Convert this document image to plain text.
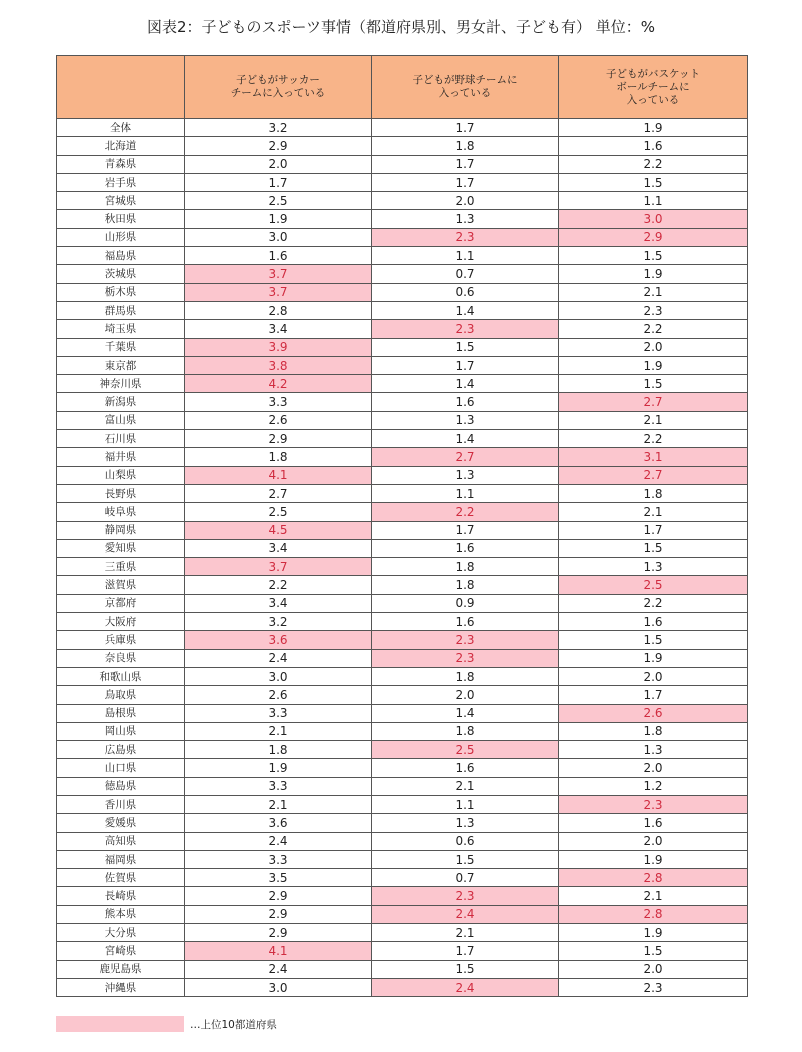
図表2：子どものスポーツ事情（都道府県別、男女計、子ども有） 単位：%
	子どもがサッカー
チームに入っている	子どもが野球チームに
入っている	子どもがバスケット
ボールチームに
入っている
全体	3.2	1.7	1.9
北海道	2.9	1.8	1.6
青森県	2.0	1.7	2.2
岩手県	1.7	1.7	1.5
宮城県	2.5	2.0	1.1
秋田県	1.9	1.3	3.0
山形県	3.0	2.3	2.9
福島県	1.6	1.1	1.5
茨城県	3.7	0.7	1.9
栃木県	3.7	0.6	2.1
群馬県	2.8	1.4	2.3
埼玉県	3.4	2.3	2.2
千葉県	3.9	1.5	2.0
東京都	3.8	1.7	1.9
神奈川県	4.2	1.4	1.5
新潟県	3.3	1.6	2.7
富山県	2.6	1.3	2.1
石川県	2.9	1.4	2.2
福井県	1.8	2.7	3.1
山梨県	4.1	1.3	2.7
長野県	2.7	1.1	1.8
岐阜県	2.5	2.2	2.1
静岡県	4.5	1.7	1.7
愛知県	3.4	1.6	1.5
三重県	3.7	1.8	1.3
滋賀県	2.2	1.8	2.5
京都府	3.4	0.9	2.2
大阪府	3.2	1.6	1.6
兵庫県	3.6	2.3	1.5
奈良県	2.4	2.3	1.9
和歌山県	3.0	1.8	2.0
鳥取県	2.6	2.0	1.7
島根県	3.3	1.4	2.6
岡山県	2.1	1.8	1.8
広島県	1.8	2.5	1.3
山口県	1.9	1.6	2.0
徳島県	3.3	2.1	1.2
香川県	2.1	1.1	2.3
愛媛県	3.6	1.3	1.6
高知県	2.4	0.6	2.0
福岡県	3.3	1.5	1.9
佐賀県	3.5	0.7	2.8
長崎県	2.9	2.3	2.1
熊本県	2.9	2.4	2.8
大分県	2.9	2.1	1.9
宮崎県	4.1	1.7	1.5
鹿児島県	2.4	1.5	2.0
沖縄県	3.0	2.4	2.3
…上位10都道府県
